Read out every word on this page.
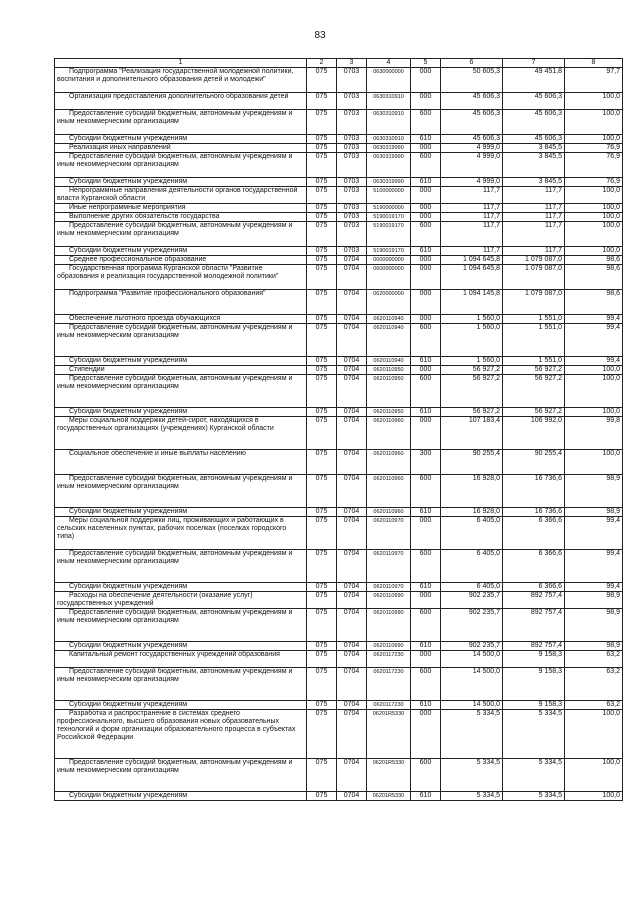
83
1	2	3	4	5	6	7	8
Подпрограмма "Реализация государственной молодежной политики, воспитания и дополнительного образования детей и молодежи"	075	0703	0630000000	000	50 605,3	49 451,8	97,7
Организация предоставления дополнительного образования детей	075	0703	0630310910	000	45 606,3	45 606,3	100,0
Предоставление субсидий бюджетным, автономным учреждениям и иным некоммерческим организациям	075	0703	0630310910	600	45 606,3	45 606,3	100,0
Субсидии бюджетным учреждениям	075	0703	0630310910	610	45 606,3	45 606,3	100,0
Реализация иных направлений	075	0703	0630319990	000	4 999,0	3 845,5	76,9
Предоставление субсидий бюджетным, автономным учреждениям и иным некоммерческим организациям	075	0703	0630319990	600	4 999,0	3 845,5	76,9
Субсидии бюджетным учреждениям	075	0703	0630319990	610	4 999,0	3 845,5	76,9
Непрограммные направления деятельности органов государственной власти Курганской области	075	0703	5100000000	000	117,7	117,7	100,0
Иные непрограммные мероприятия	075	0703	5190000000	000	117,7	117,7	100,0
Выполнение других обязательств государства	075	0703	5190019170	000	117,7	117,7	100,0
Предоставление субсидий бюджетным, автономным учреждениям и иным некоммерческим организациям	075	0703	5190019170	600	117,7	117,7	100,0
Субсидии бюджетным учреждениям	075	0703	5190019170	610	117,7	117,7	100,0
Среднее профессиональное образование	075	0704	0000000000	000	1 094 645,8	1 079 087,0	98,6
Государственная программа Курганской области "Развитие образования и реализация государственной молодежной политики"	075	0704	0600000000	000	1 094 645,8	1 079 087,0	98,6
Подпрограмма "Развитие профессионального образования"	075	0704	0620000000	000	1 094 145,8	1 079 087,0	98,6
Обеспечение льготного проезда обучающихся	075	0704	0620110940	000	1 560,0	1 551,0	99,4
Предоставление субсидий бюджетным, автономным учреждениям и иным некоммерческим организациям	075	0704	0620110940	600	1 560,0	1 551,0	99,4
Субсидии бюджетным учреждениям	075	0704	0620110940	610	1 560,0	1 551,0	99,4
Стипендии	075	0704	0620110950	000	56 927,2	56 927,2	100,0
Предоставление субсидий бюджетным, автономным учреждениям и иным некоммерческим организациям	075	0704	0620110950	600	56 927,2	56 927,2	100,0
Субсидии бюджетным учреждениям	075	0704	0620110950	610	56 927,2	56 927,2	100,0
Меры социальной поддержки детей-сирот, находящихся в государственных организациях (учреждениях) Курганской области	075	0704	0620110960	000	107 183,4	106 992,0	99,8
Социальное обеспечение и иные выплаты населению	075	0704	0620110960	300	90 255,4	90 255,4	100,0
Предоставление субсидий бюджетным, автономным учреждениям и иным некоммерческим организациям	075	0704	0620110960	600	16 928,0	16 736,6	98,9
Субсидии бюджетным учреждениям	075	0704	0620110960	610	16 928,0	16 736,6	98,9
Меры социальной поддержки лиц, проживающих и работающих в сельских населенных пунктах, рабочих поселках (поселках городского типа)	075	0704	0620110970	000	6 405,0	6 366,6	99,4
Предоставление субсидий бюджетным, автономным учреждениям и иным некоммерческим организациям	075	0704	0620110970	600	6 405,0	6 366,6	99,4
Субсидии бюджетным учреждениям	075	0704	0620110970	610	6 405,0	6 366,6	99,4
Расходы на обеспечение деятельности (оказание услуг) государственных учреждений	075	0704	0620110990	000	902 235,7	892 757,4	98,9
Предоставление субсидий бюджетным, автономным учреждениям и иным некоммерческим организациям	075	0704	0620110990	600	902 235,7	892 757,4	98,9
Субсидии бюджетным учреждениям	075	0704	0620110990	610	902 235,7	892 757,4	98,9
Капитальный ремонт государственных учреждений образования	075	0704	0620117230	000	14 500,0	9 158,3	63,2
Предоставление субсидий бюджетным, автономным учреждениям и иным некоммерческим организациям	075	0704	0620117230	600	14 500,0	9 158,3	63,2
Субсидии бюджетным учреждениям	075	0704	0620117230	610	14 500,0	9 158,3	63,2
Разработка и распространение в системах среднего профессионального, высшего образования новых образовательных технологий и форм организации образовательного процесса в субъектах Российской Федерации	075	0704	06201R5330	000	5 334,5	5 334,5	100,0
Предоставление субсидий бюджетным, автономным учреждениям и иным некоммерческим организациям	075	0704	06201R5330	600	5 334,5	5 334,5	100,0
Субсидии бюджетным учреждениям	075	0704	06201R5330	610	5 334,5	5 334,5	100,0
